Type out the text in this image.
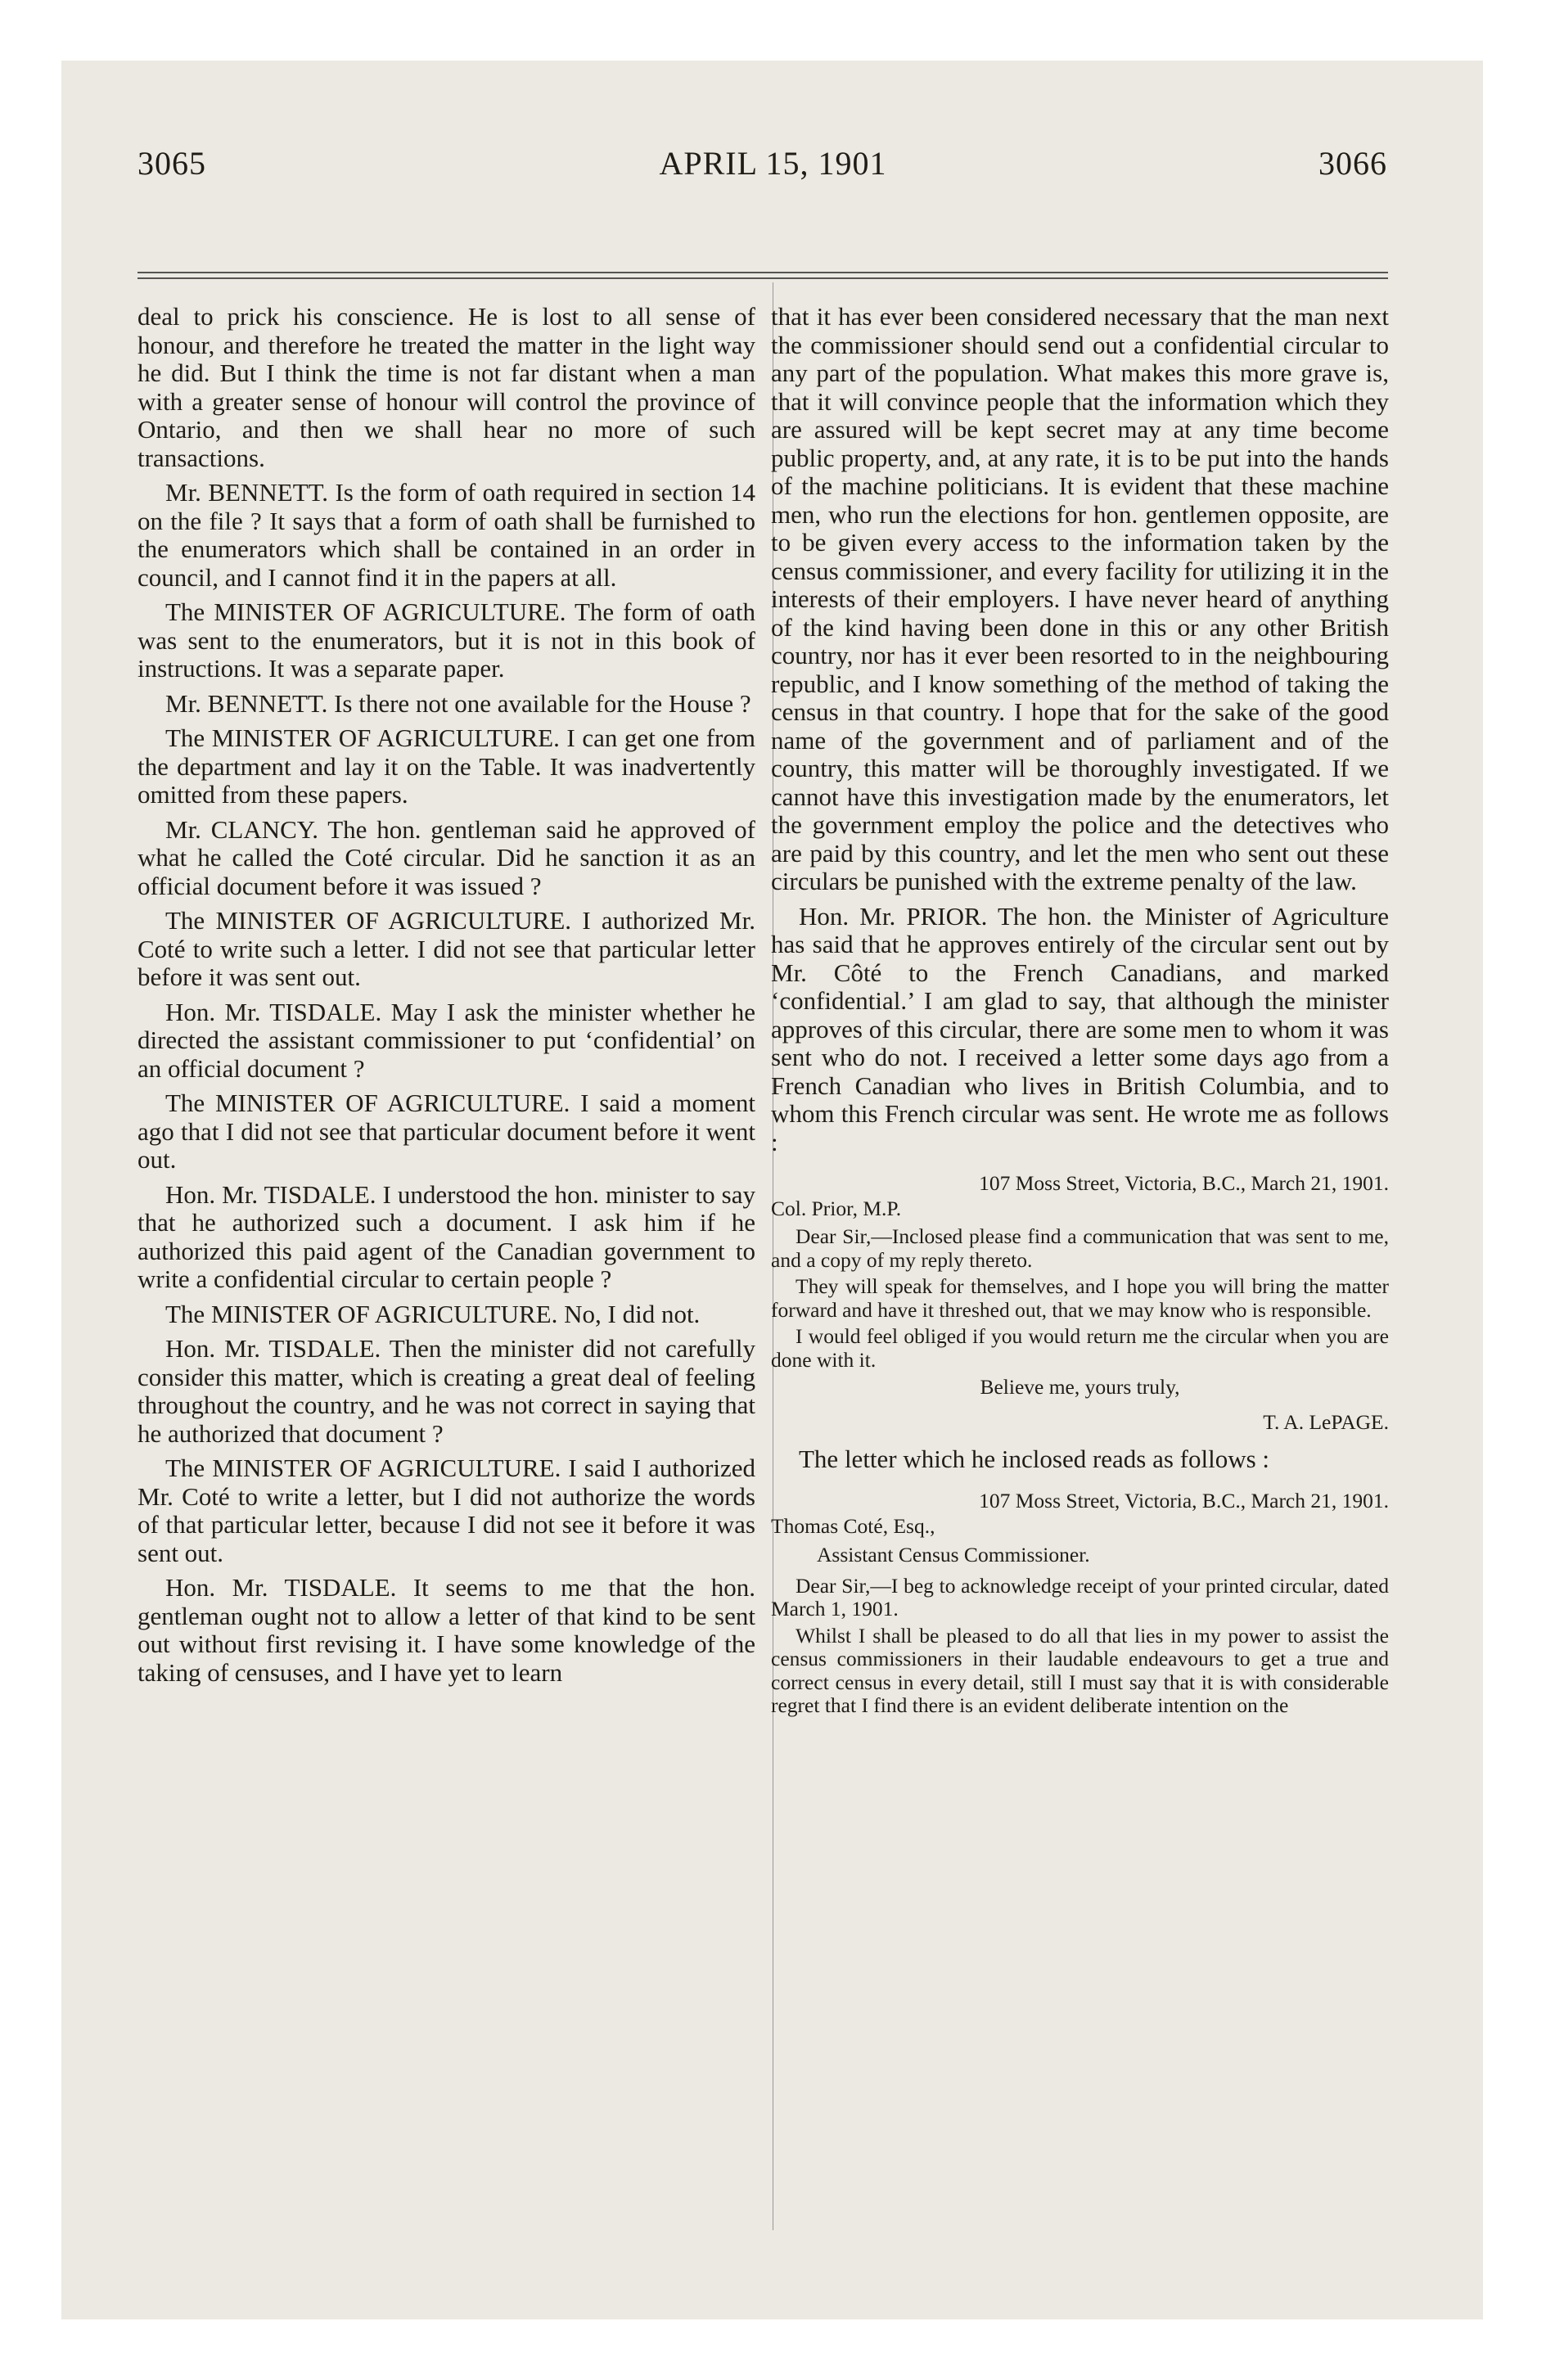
3065	APRIL 15, 1901	3066

deal to prick his conscience. He is lost to all sense of honour, and therefore he treated the matter in the light way he did. But I think the time is not far distant when a man with a greater sense of honour will control the province of Ontario, and then we shall hear no more of such transactions.

Mr. BENNETT. Is the form of oath required in section 14 on the file ? It says that a form of oath shall be furnished to the enumerators which shall be contained in an order in council, and I cannot find it in the papers at all.

The MINISTER OF AGRICULTURE. The form of oath was sent to the enumerators, but it is not in this book of instructions. It was a separate paper.

Mr. BENNETT. Is there not one available for the House ?

The MINISTER OF AGRICULTURE. I can get one from the department and lay it on the Table. It was inadvertently omitted from these papers.

Mr. CLANCY. The hon. gentleman said he approved of what he called the Coté circular. Did he sanction it as an official document before it was issued ?

The MINISTER OF AGRICULTURE. I authorized Mr. Coté to write such a letter. I did not see that particular letter before it was sent out.

Hon. Mr. TISDALE. May I ask the minister whether he directed the assistant commissioner to put ‘confidential’ on an official document ?

The MINISTER OF AGRICULTURE. I said a moment ago that I did not see that particular document before it went out.

Hon. Mr. TISDALE. I understood the hon. minister to say that he authorized such a document. I ask him if he authorized this paid agent of the Canadian government to write a confidential circular to certain people ?

The MINISTER OF AGRICULTURE. No, I did not.

Hon. Mr. TISDALE. Then the minister did not carefully consider this matter, which is creating a great deal of feeling throughout the country, and he was not correct in saying that he authorized that document ?

The MINISTER OF AGRICULTURE. I said I authorized Mr. Coté to write a letter, but I did not authorize the words of that particular letter, because I did not see it before it was sent out.

Hon. Mr. TISDALE. It seems to me that the hon. gentleman ought not to allow a letter of that kind to be sent out without first revising it. I have some knowledge of the taking of censuses, and I have yet to learn

that it has ever been considered necessary that the man next the commissioner should send out a confidential circular to any part of the population. What makes this more grave is, that it will convince people that the information which they are assured will be kept secret may at any time become public property, and, at any rate, it is to be put into the hands of the machine politicians. It is evident that these machine men, who run the elections for hon. gentlemen opposite, are to be given every access to the information taken by the census commissioner, and every facility for utilizing it in the interests of their employers. I have never heard of anything of the kind having been done in this or any other British country, nor has it ever been resorted to in the neighbouring republic, and I know something of the method of taking the census in that country. I hope that for the sake of the good name of the government and of parliament and of the country, this matter will be thoroughly investigated. If we cannot have this investigation made by the enumerators, let the government employ the police and the detectives who are paid by this country, and let the men who sent out these circulars be punished with the extreme penalty of the law.

Hon. Mr. PRIOR. The hon. the Minister of Agriculture has said that he approves entirely of the circular sent out by Mr. Côté to the French Canadians, and marked ‘confidential.’ I am glad to say, that although the minister approves of this circular, there are some men to whom it was sent who do not. I received a letter some days ago from a French Canadian who lives in British Columbia, and to whom this French circular was sent. He wrote me as follows :

107 Moss Street, Victoria, B.C., March 21, 1901.

Col. Prior, M.P.

Dear Sir,—Inclosed please find a communication that was sent to me, and a copy of my reply thereto.

They will speak for themselves, and I hope you will bring the matter forward and have it threshed out, that we may know who is responsible.

I would feel obliged if you would return me the circular when you are done with it.

Believe me, yours truly,

T. A. LePAGE.

The letter which he inclosed reads as follows :

107 Moss Street, Victoria, B.C., March 21, 1901.

Thomas Coté, Esq.,

Assistant Census Commissioner.

Dear Sir,—I beg to acknowledge receipt of your printed circular, dated March 1, 1901.

Whilst I shall be pleased to do all that lies in my power to assist the census commissioners in their laudable endeavours to get a true and correct census in every detail, still I must say that it is with considerable regret that I find there is an evident deliberate intention on the
